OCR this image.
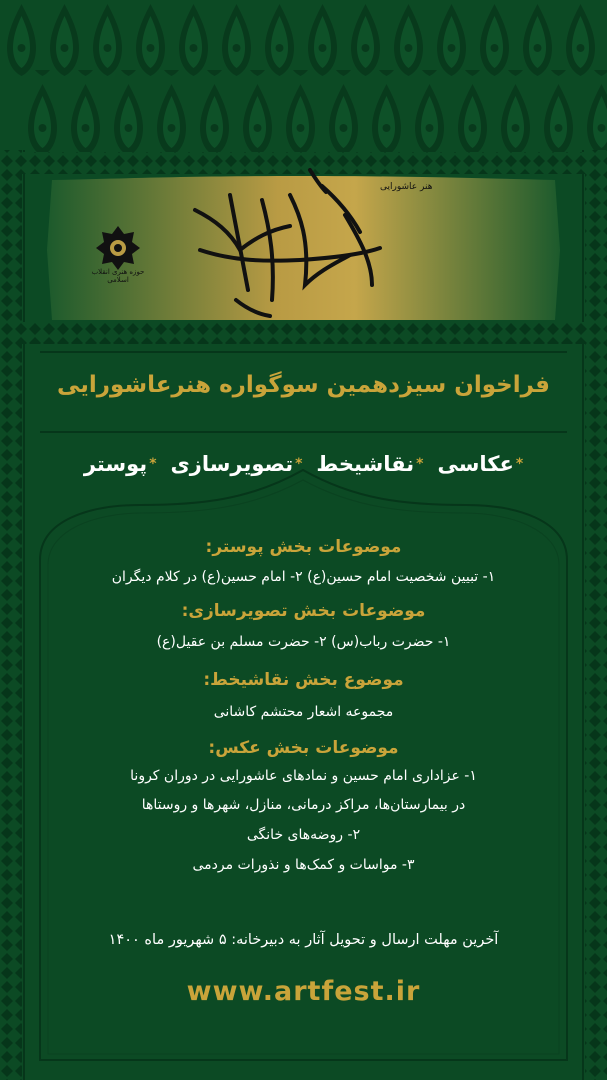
حوزه هنری انقلاب اسلامی
هنر عاشورایی
فراخوان سیزدهمین سوگواره هنرعاشورایی
*
پوستر	*
تصویرسازی	*
نقاشیخط	*
عکاسی
موضوعات بخش پوستر:
۱- تبیین شخصیت امام حسین(ع) ۲- امام حسین(ع) در کلام دیگران
موضوعات بخش تصویرسازی:
۱- حضرت رباب(س) ۲- حضرت مسلم بن عقیل(ع)
موضوع بخش نقاشیخط:
مجموعه اشعار محتشم کاشانی
موضوعات بخش عکس:
۱- عزاداری امام حسین و نمادهای عاشورایی در دوران کرونا
در بیمارستان‌ها، مراکز درمانی، منازل، شهرها و روستاها
۲- روضه‌های خانگی
۳- مواسات و کمک‌ها و نذورات مردمی
آخرین مهلت ارسال و تحویل آثار به دبیرخانه: ۵ شهریور ماه ۱۴۰۰
www.artfest.ir
